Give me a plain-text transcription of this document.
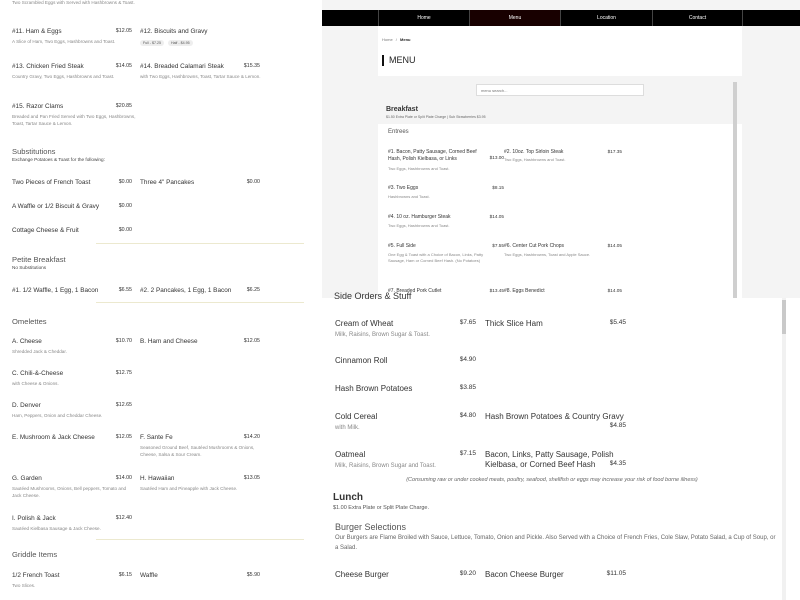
Two Scrambled Eggs with Served with Hashbrowns & Toast.
#11. Ham & Eggs	$12.05
A Slice of Ham, Two Eggs, Hashbrowns and Toast.
#12. Biscuits and Gravy
Full - $7.25	Half - $4.95
#13. Chicken Fried Steak	$14.05
Country Gravy, Two Eggs, Hashbrowns and Toast.
#14. Breaded Calamari Steak	$15.35
with Two Eggs, Hashbrowns, Toast, Tartar Sauce & Lemon.
#15. Razor Clams	$20.85
Breaded and Pan Fried Served with Two Eggs, Hashbrowns, Toast, Tartar Sauce & Lemon.
Substitutions
Exchange Potatoes & Toast for the following:
Two Pieces of French Toast	$0.00 Three 4" Pancakes	$0.00
A Waffle or 1/2 Biscuit & Gravy	$0.00
Cottage Cheese & Fruit	$0.00
Petite Breakfast
No Substitutions
#1. 1/2 Waffle, 1 Egg, 1 Bacon	$6.55 #2. 2 Pancakes, 1 Egg, 1 Bacon	$6.25
Omelettes
A. Cheese	$10.70
Shredded Jack & Cheddar.
B. Ham and Cheese	$12.05
C. Chili-&-Cheese	$12.75
with Cheese & Onions.
D. Denver	$12.65
Ham, Peppers, Onion and Cheddar Cheese.
E. Mushroom & Jack Cheese	$12.05 F. Sante Fe	$14.20
Seasoned Ground Beef, Sautéed Mushrooms & Onions, Cheese, Salsa & Sour Cream.
G. Garden	$14.00
Sautéed Mushrooms, Onions, Bell peppers, Tomato and Jack Cheese.
H. Hawaiian	$13.05
Sautéed Ham and Pineapple with Jack Cheese.
I. Polish & Jack	$12.40
Sautéed Kielbasa Sausage & Jack Cheese.
Griddle Items
1/2 French Toast	$6.15
Two Slices.
Waffle	$5.90
Home	Menu	Location	Contact
Home / Menu
MENU
menu search...
Breakfast
$1.50 Extra Plate or Split Plate Charge | Sub Strawberries $3.95
Entrees
#1. Bacon, Patty Sausage, Corned Beef Hash, Polish Kielbasa, or Links	$13.00
Two Eggs, Hashbrowns and Toast.
#2. 10oz. Top Sirloin Steak	$17.35
Two Eggs, Hashbrowns and Toast.
#3. Two Eggs	$8.15
Hashbrowns and Toast.
#4. 10 oz. Hamburger Steak	$14.05
Two Eggs, Hashbrowns and Toast.
#5. Full Side	$7.55
One Egg & Toast with a Choice of Bacon, Links, Patty Sausage, Ham or Corned Beef Hash. (No Potatoes)
#6. Center Cut Pork Chops	$14.05
Two Eggs, Hashbrowns, Toast and Apple Sauce.
#7. Breaded Pork Cutlet	$13.45 #8. Eggs Benedict	$14.05
Side Orders & Stuff
Cream of Wheat	$7.65
Milk, Raisins, Brown Sugar & Toast.
Thick Slice Ham	$5.45
Cinnamon Roll	$4.90
Hash Brown Potatoes	$3.85
Cold Cereal	$4.80
with Milk.
Hash Brown Potatoes & Country Gravy
$4.85
Oatmeal	$7.15
Milk, Raisins, Brown Sugar and Toast.
Bacon, Links, Patty Sausage, Polish Kielbasa, or Corned Beef Hash	$4.35
(Consuming raw or under cooked meats, poultry, seafood, shellfish or eggs may increase your risk of food borne illness)
Lunch
$1.00 Extra Plate or Split Plate Charge.
Burger Selections
Our Burgers are Flame Broiled with Sauce, Lettuce, Tomato, Onion and Pickle. Also Served with a Choice of French Fries, Cole Slaw, Potato Salad, a Cup of Soup, or a Salad.
Cheese Burger	$9.20 Bacon Cheese Burger	$11.05
